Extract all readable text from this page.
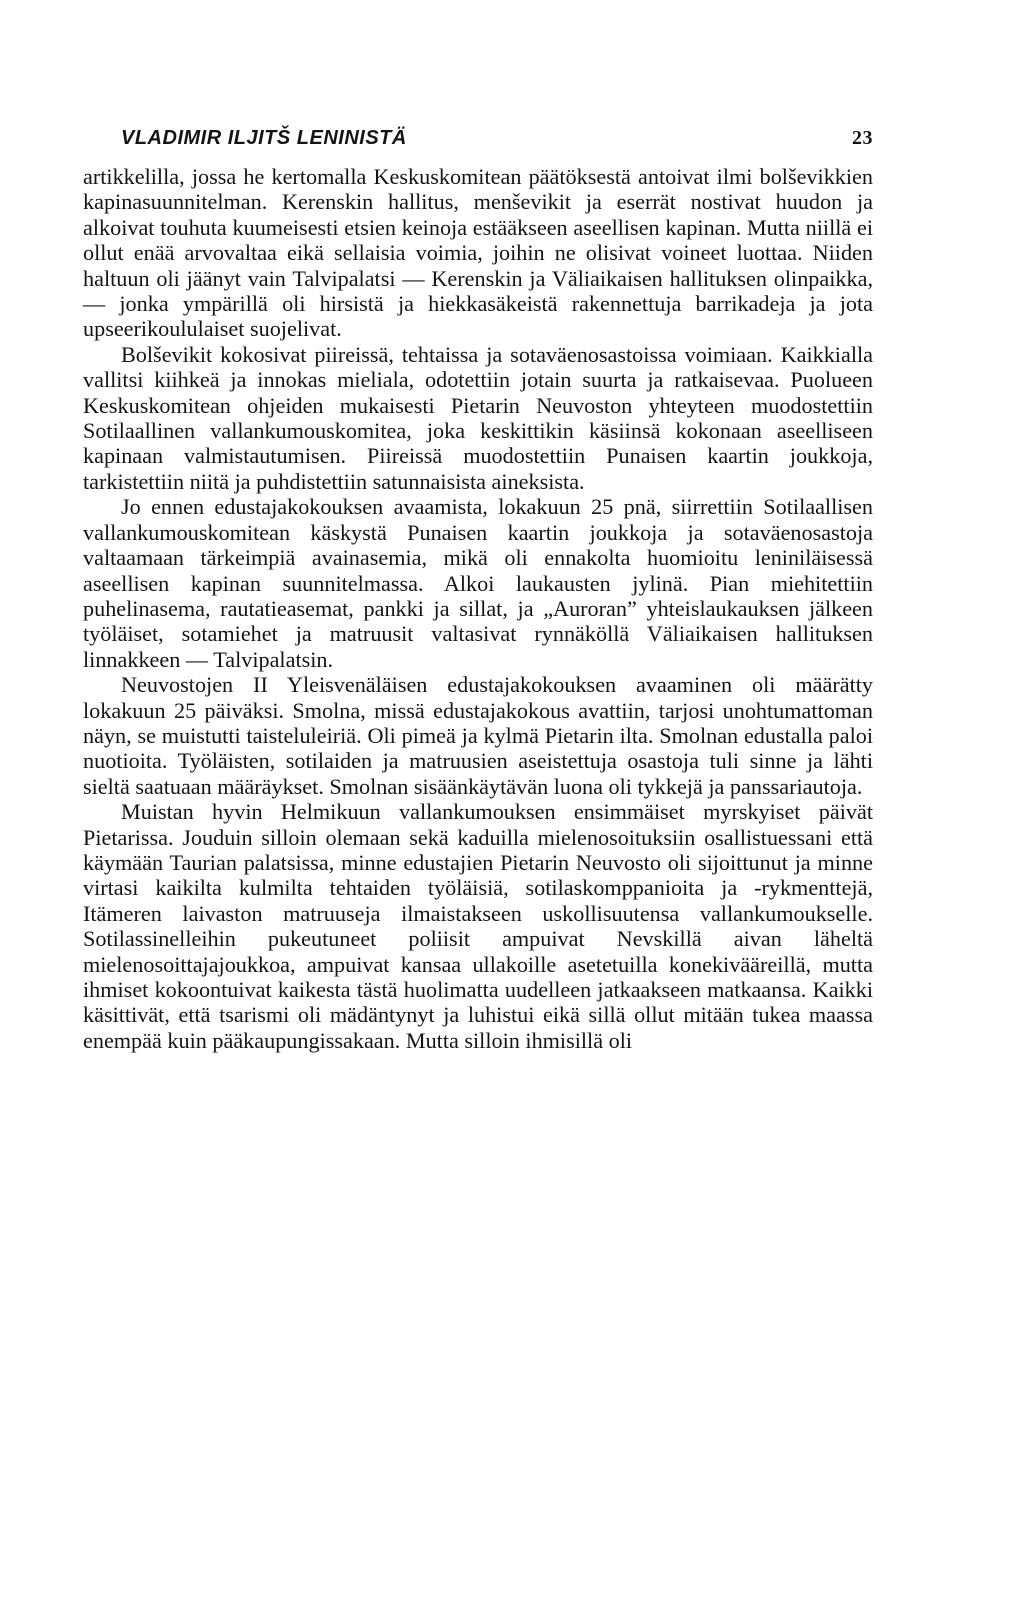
VLADIMIR ILJITŠ LENINISTÄ	23

artikkelilla, jossa he kertomalla Keskuskomitean päätöksestä antoivat ilmi bolševikkien kapinasuunnitelman. Kerenskin hallitus, menševikit ja eserrät nostivat huudon ja alkoivat touhuta kuumeisesti etsien keinoja estääkseen aseellisen kapinan. Mutta niillä ei ollut enää arvovaltaa eikä sellaisia voimia, joihin ne olisivat voineet luottaa. Niiden haltuun oli jäänyt vain Talvipalatsi — Kerenskin ja Väliaikaisen hallituksen olinpaikka,— jonka ympärillä oli hirsistä ja hiekkasäkeistä rakennettuja barrikadeja ja jota upseerikoululaiset suojelivat.

Bolševikit kokosivat piireissä, tehtaissa ja sotaväenosastoissa voimiaan. Kaikkialla vallitsi kiihkeä ja innokas mieliala, odotettiin jotain suurta ja ratkaisevaa. Puolueen Keskuskomitean ohjeiden mukaisesti Pietarin Neuvoston yhteyteen muodostettiin Sotilaallinen vallankumouskomitea, joka keskittikin käsiinsä kokonaan aseelliseen kapinaan valmistautumisen. Piireissä muodostettiin Punaisen kaartin joukkoja, tarkistettiin niitä ja puhdistettiin satunnaisista aineksista.

Jo ennen edustajakokouksen avaamista, lokakuun 25 pnä, siirrettiin Sotilaallisen vallankumouskomitean käskystä Punaisen kaartin joukkoja ja sotaväenosastoja valtaamaan tärkeimpiä avainasemia, mikä oli ennakolta huomioitu leniniläisessä aseellisen kapinan suunnitelmassa. Alkoi laukausten jylinä. Pian miehitettiin puhelinasema, rautatieasemat, pankki ja sillat, ja „Auroran” yhteislaukauksen jälkeen työläiset, sotamiehet ja matruusit valtasivat rynnäköllä Väliaikaisen hallituksen linnakkeen — Talvipalatsin.

Neuvostojen II Yleisvenäläisen edustajakokouksen avaaminen oli määrätty lokakuun 25 päiväksi. Smolna, missä edustajakokous avattiin, tarjosi unohtumattoman näyn, se muistutti taisteluleiriä. Oli pimeä ja kylmä Pietarin ilta. Smolnan edustalla paloi nuotioita. Työläisten, sotilaiden ja matruusien aseistettuja osastoja tuli sinne ja lähti sieltä saatuaan määräykset. Smolnan sisäänkäytävän luona oli tykkejä ja panssariautoja.

Muistan hyvin Helmikuun vallankumouksen ensimmäiset myrskyiset päivät Pietarissa. Jouduin silloin olemaan sekä kaduilla mielenosoituksiin osallistuessani että käymään Taurian palatsissa, minne edustajien Pietarin Neuvosto oli sijoittunut ja minne virtasi kaikilta kulmilta tehtaiden työläisiä, sotilaskomppanioita ja -rykmenttejä, Itämeren laivaston matruuseja ilmaistakseen uskollisuutensa vallankumoukselle. Sotilassinelleihin pukeutuneet poliisit ampuivat Nevskillä aivan läheltä mielenosoittajajoukkoa, ampuivat kansaa ullakoille asetetuilla konekivääreillä, mutta ihmiset kokoontuivat kaikesta tästä huolimatta uudelleen jatkaakseen matkaansa. Kaikki käsittivät, että tsarismi oli mädäntynyt ja luhistui eikä sillä ollut mitään tukea maassa enempää kuin pääkaupungissakaan. Mutta silloin ihmisillä oli
